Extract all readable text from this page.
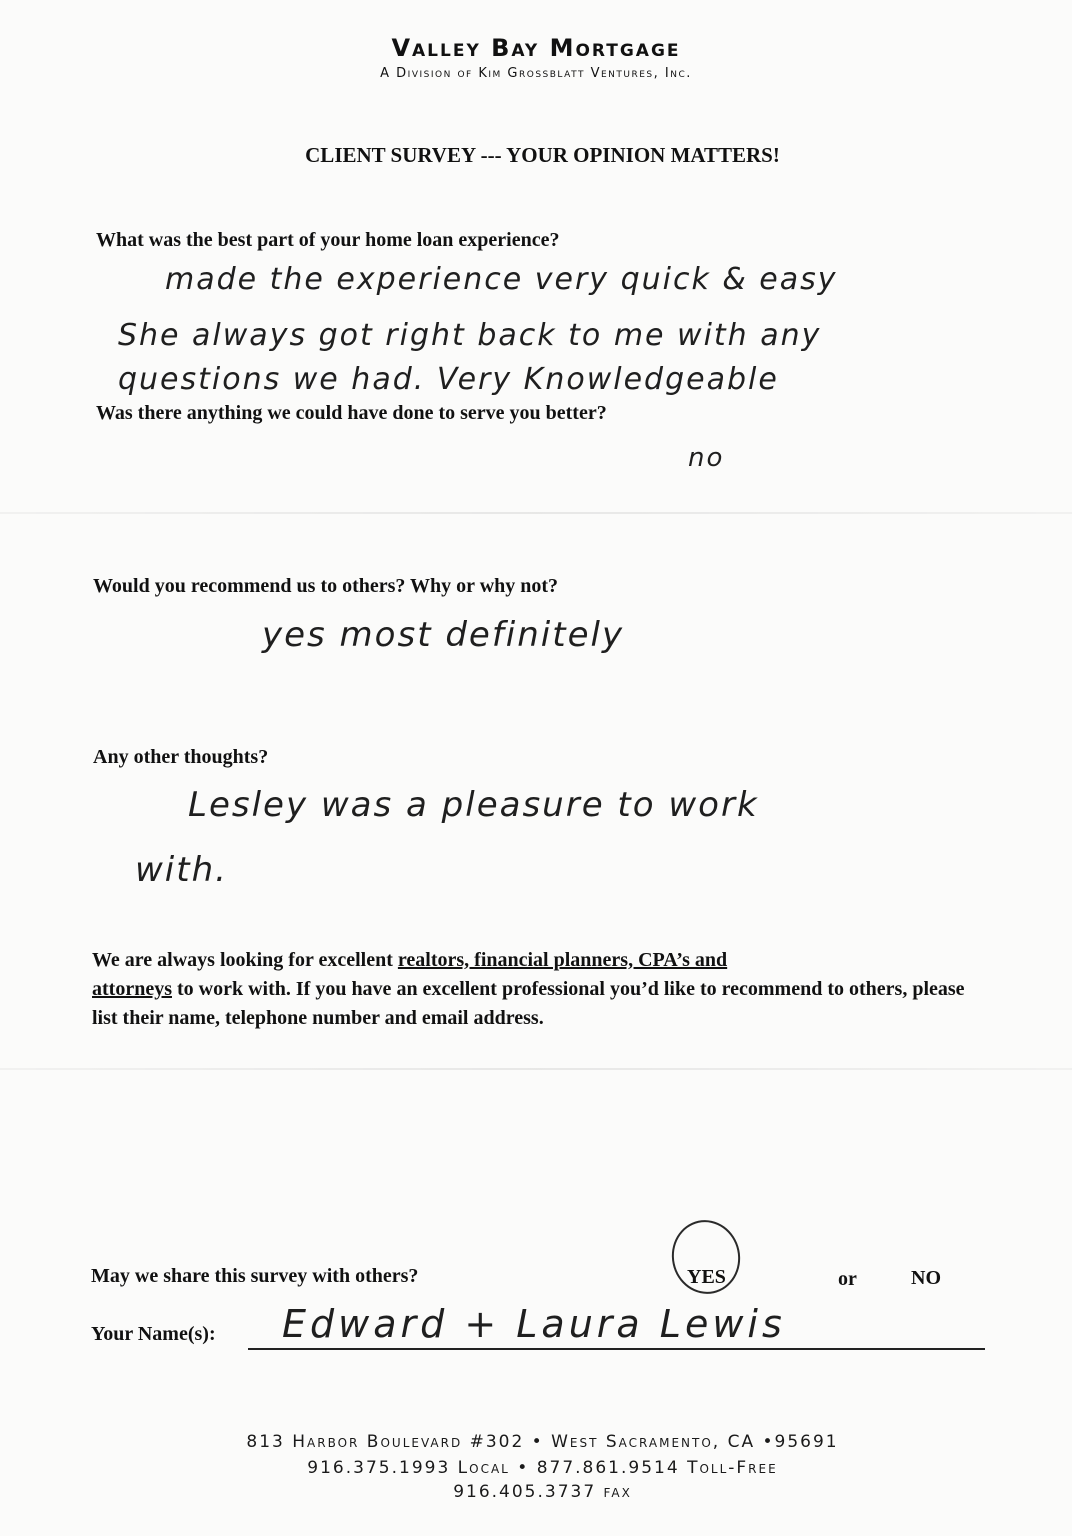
Valley Bay Mortgage
A Division of Kim Grossblatt Ventures, Inc.
CLIENT SURVEY --- YOUR OPINION MATTERS!
What was the best part of your home loan experience?
made the experience very quick & easy
She always got right back to me with any
questions we had. Very Knowledgeable
Was there anything we could have done to serve you better?
no
Would you recommend us to others? Why or why not?
yes most definitely
Any other thoughts?
Lesley was a pleasure to work
with.
We are always looking for excellent realtors, financial planners, CPA’s and
attorneys to work with. If you have an excellent professional you’d like to recommend to others, please list their name, telephone number and email address.
May we share this survey with others?	YES	or	NO
Your Name(s): Edward + Laura Lewis
813 Harbor Boulevard #302 • West Sacramento, CA •95691
916.375.1993 Local • 877.861.9514 Toll-Free
916.405.3737 fax
